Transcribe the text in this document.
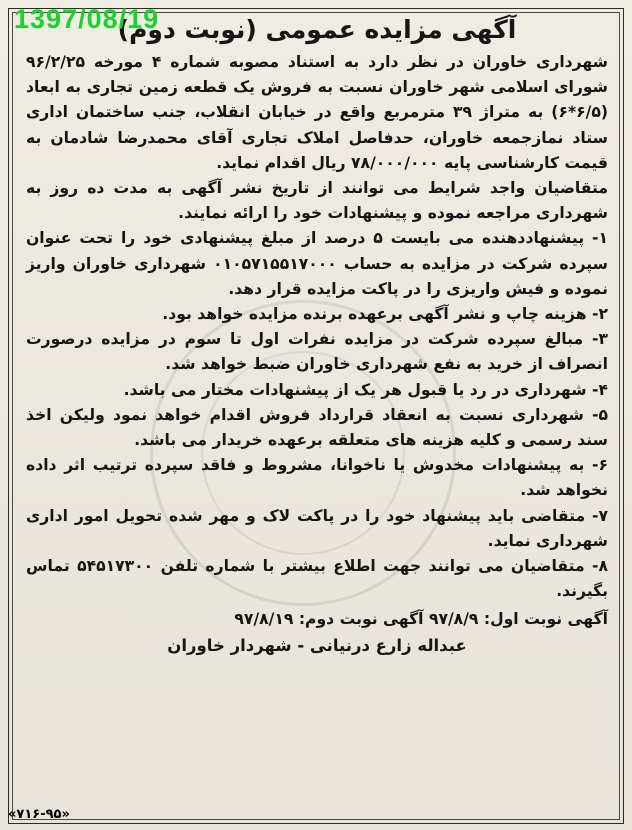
آگهی مزایده عمومی (نوبت دوم)

شهرداری خاوران در نظر دارد به استناد مصوبه شماره ۴ مورخه ۹۶/۲/۲۵ شورای اسلامی شهر خاوران نسبت به فروش یک قطعه زمین تجاری به ابعاد (۶/۵*۶) به متراژ ۳۹ مترمربع واقع در خیابان انقلاب، جنب ساختمان اداری ستاد نمازجمعه خاوران، حدفاصل املاک تجاری آقای محمدرضا شادمان به قیمت کارشناسی پایه ۷۸/۰۰۰/۰۰۰ ریال اقدام نماید.

متقاضیان واجد شرایط می توانند از تاریخ نشر آگهی به مدت ده روز به شهرداری مراجعه نموده و پیشنهادات خود را ارائه نمایند.

۱- پیشنهاددهنده می بایست ۵ درصد از مبلغ پیشنهادی خود را تحت عنوان سپرده شرکت در مزایده به حساب ۰۱۰۵۷۱۵۵۱۷۰۰۰ شهرداری خاوران واریز نموده و فیش واریزی را در پاکت مزایده قرار دهد.

۲- هزینه چاپ و نشر آگهی برعهده برنده مزایده خواهد بود.

۳- مبالغ سپرده شرکت در مزایده نفرات اول تا سوم در مزایده درصورت انصراف از خرید به نفع شهرداری خاوران ضبط خواهد شد.

۴- شهرداری در رد یا قبول هر یک از پیشنهادات مختار می باشد.

۵- شهرداری نسبت به انعقاد قرارداد فروش اقدام خواهد نمود ولیکن اخذ سند رسمی و کلیه هزینه های متعلقه برعهده خریدار می باشد.

۶- به پیشنهادات مخدوش یا ناخوانا، مشروط و فاقد سپرده ترتیب اثر داده نخواهد شد.

۷- متقاضی باید پیشنهاد خود را در پاکت لاک و مهر شده تحویل امور اداری شهرداری نماید.

۸- متقاضیان می توانند جهت اطلاع بیشتر با شماره تلفن ۵۴۵۱۷۳۰۰ تماس بگیرند.

آگهی نوبت اول: ۹۷/۸/۹ آگهی نوبت دوم: ۹۷/۸/۱۹
عبداله زارع درنیانی - شهردار خاوران
«۷۱۶-۹۵»
1397/08/19
